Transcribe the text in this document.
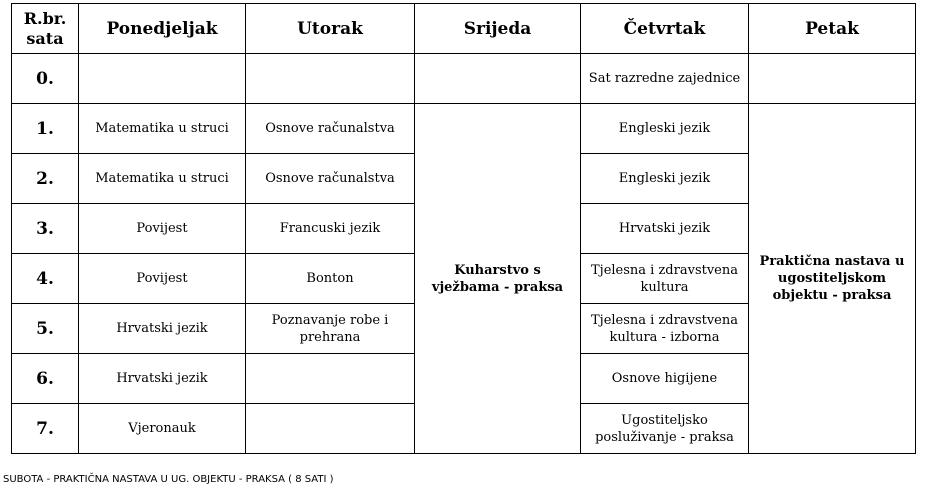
R.br. sata	Ponedjeljak	Utorak	Srijeda	Četvrtak	Petak
0.				Sat razredne zajednice	
1.	Matematika u struci	Osnove računalstva	Kuharstvo s vježbama - praksa	Engleski jezik	Praktična nastava u ugostiteljskom objektu - praksa
2.	Matematika u struci	Osnove računalstva		Engleski jezik	
3.	Povijest	Francuski jezik		Hrvatski jezik	
4.	Povijest	Bonton		Tjelesna i zdravstvena kultura	
5.	Hrvatski jezik	Poznavanje robe i prehrana		Tjelesna i zdravstvena kultura - izborna	
6.	Hrvatski jezik			Osnove higijene	
7.	Vjeronauk			Ugostiteljsko posluživanje - praksa	
SUBOTA - PRAKTIČNA NASTAVA U UG. OBJEKTU - PRAKSA ( 8 SATI )
